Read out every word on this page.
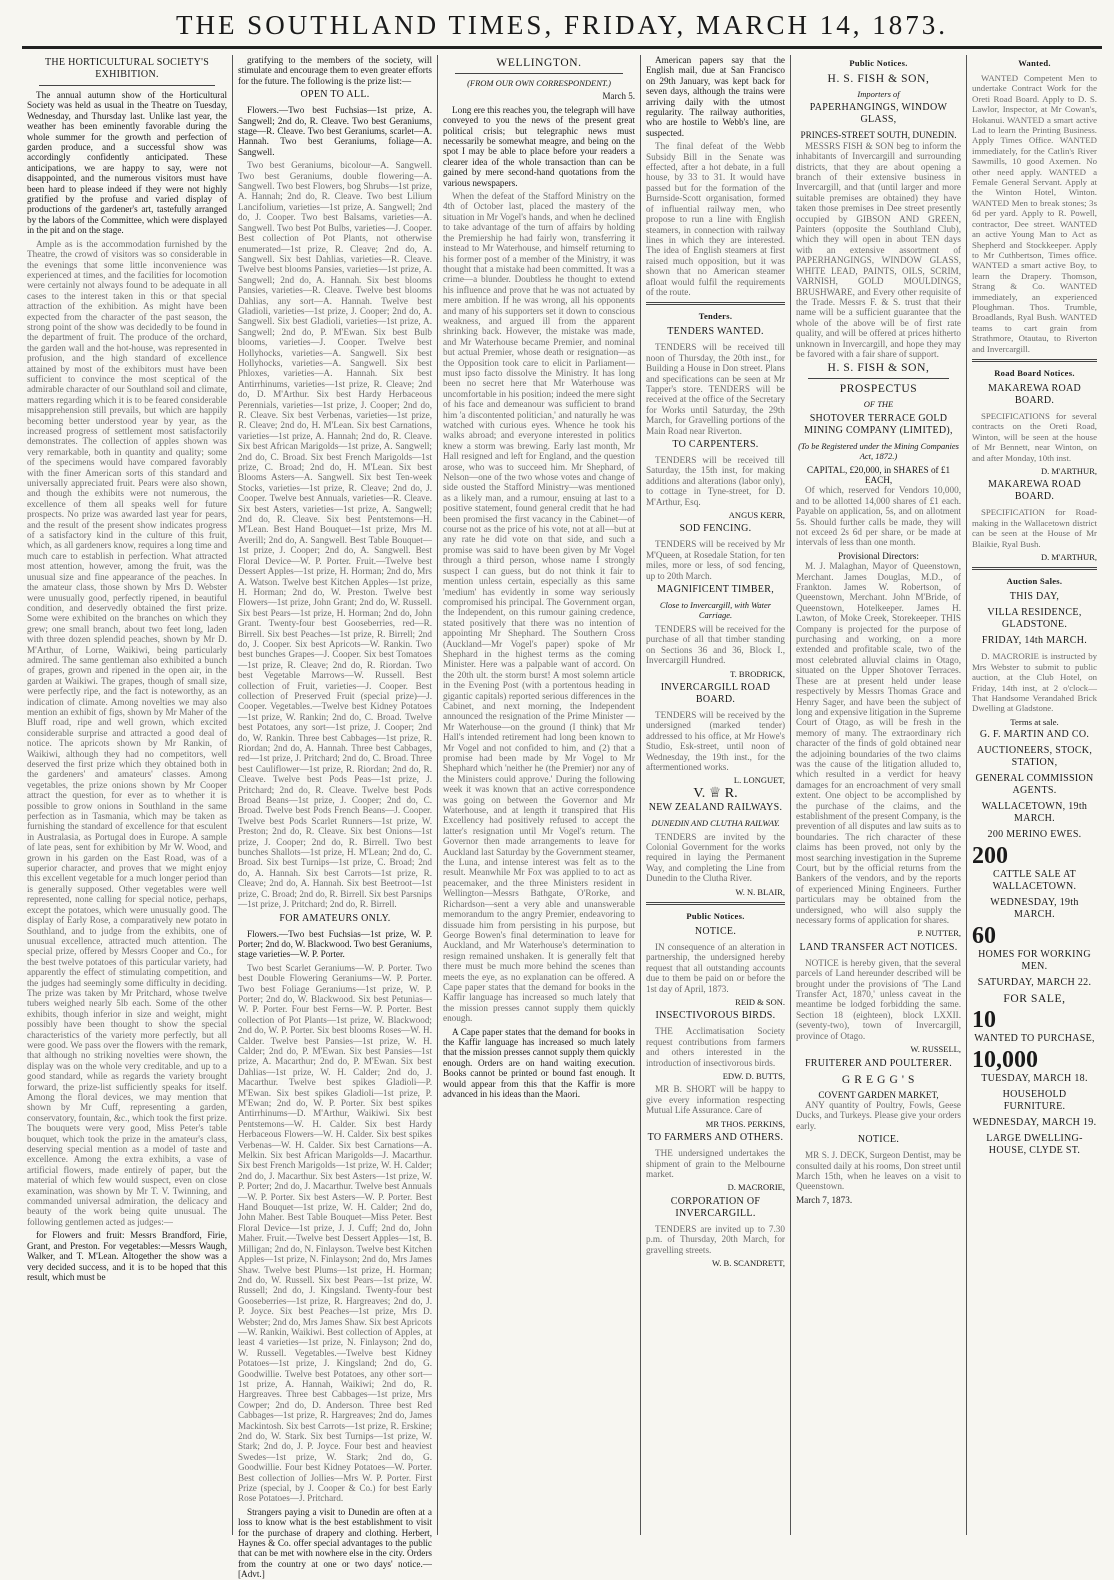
THE SOUTHLAND TIMES, FRIDAY, MARCH 14, 1873.
THE HORTICULTURAL SOCIETY'S EXHIBITION.

The annual autumn show of the Horticultural Society was held as usual in the Theatre on Tuesday, Wednesday, and Thursday last. Unlike last year, the weather has been eminently favorable during the whole summer for the growth and perfection of garden produce, and a successful show was accordingly confidently anticipated. These anticipations, we are happy to say, were not disappointed, and the numerous visitors must have been hard to please indeed if they were not highly gratified by the profuse and varied display of productions of the gardener's art, tastefully arranged by the labors of the Committee, which were displayed in the pit and on the stage.

Ample as is the accommodation furnished by the Theatre, the crowd of visitors was so considerable in the evenings that some little inconvenience was experienced at times, and the facilities for locomotion were certainly not always found to be adequate in all cases to the interest taken in this or that special attraction of the exhibition. As might have been expected from the character of the past season, the strong point of the show was decidedly to be found in the department of fruit. The produce of the orchard, the garden wall and the hot-house, was represented in profusion, and the high standard of excellence attained by most of the exhibitors must have been sufficient to convince the most sceptical of the admirable character of our Southland soil and climate, matters regarding which it is to be feared considerable misapprehension still prevails, but which are happily becoming better understood year by year, as the increased progress of settlement most satisfactorily demonstrates. The collection of apples shown was very remarkable, both in quantity and quality; some of the specimens would have compared favorably with the finer American sorts of this standard and universally appreciated fruit. Pears were also shown, and though the exhibits were not numerous, the excellence of them all speaks well for future prospects. No prize was awarded last year for pears, and the result of the present show indicates progress of a satisfactory kind in the culture of this fruit, which, as all gardeners know, requires a long time and much care to establish in perfection. What attracted most attention, however, among the fruit, was the unusual size and fine appearance of the peaches. In the amateur class, those shown by Mrs D. Webster were unusually good, perfectly ripened, in beautiful condition, and deservedly obtained the first prize. Some were exhibited on the branches on which they grew; one small branch, about two feet long, laden with three dozen splendid peaches, shown by Mr D. M'Arthur, of Lorne, Waikiwi, being particularly admired. The same gentleman also exhibited a bunch of grapes, grown and ripened in the open air, in the garden at Waikiwi. The grapes, though of small size, were perfectly ripe, and the fact is noteworthy, as an indication of climate. Among novelties we may also mention an exhibit of figs, shown by Mr Maher of the Bluff road, ripe and well grown, which excited considerable surprise and attracted a good deal of notice. The apricots shown by Mr Rankin, of Waikiwi, although they had no competitors, well deserved the first prize which they obtained both in the gardeners' and amateurs' classes. Among vegetables, the prize onions shown by Mr Cooper attract the question, for ever as to whether it is possible to grow onions in Southland in the same perfection as in Tasmania, which may be taken as furnishing the standard of excellence for that esculent in Australasia, as Portugal does in Europe. A sample of late peas, sent for exhibition by Mr W. Wood, and grown in his garden on the East Road, was of a superior character, and proves that we might enjoy this excellent vegetable for a much longer period than is generally supposed. Other vegetables were well represented, none calling for special notice, perhaps, except the potatoes, which were unusually good. The display of Early Rose, a comparatively new potato in Southland, and to judge from the exhibits, one of unusual excellence, attracted much attention. The special prize, offered by Messrs Cooper and Co., for the best twelve potatoes of this particular variety, had apparently the effect of stimulating competition, and the judges had seemingly some difficulty in deciding. The prize was taken by Mr Pritchard, whose twelve tubers weighed nearly 5lb each. Some of the other exhibits, though inferior in size and weight, might possibly have been thought to show the special characteristics of the variety more perfectly, but all were good. We pass over the flowers with the remark, that although no striking novelties were shown, the display was on the whole very creditable, and up to a good standard, while as regards the variety brought forward, the prize-list sufficiently speaks for itself. Among the floral devices, we may mention that shown by Mr Cuff, representing a garden, conservatory, fountain, &c., which took the first prize. The bouquets were very good, Miss Peter's table bouquet, which took the prize in the amateur's class, deserving special mention as a model of taste and excellence. Among the extra exhibits, a vase of artificial flowers, made entirely of paper, but the material of which few would suspect, even on close examination, was shown by Mr T. V. Twinning, and commanded universal admiration, the delicacy and beauty of the work being quite unusual. The following gentlemen acted as judges:—

for Flowers and fruit: Messrs Brandford, Firie, Grant, and Preston. For vegetables:—Messrs Waugh, Walker, and T. M'Lean. Altogether the show was a very decided success, and it is to be hoped that this result, which must be

gratifying to the members of the society, will stimulate and encourage them to even greater efforts for the future. The following is the prize list:—

OPEN TO ALL.

Flowers.—Two best Fuchsias—1st prize, A. Sangwell; 2nd do, R. Cleave. Two best Geraniums, stage—R. Cleave. Two best Geraniums, scarlet—A. Hannah. Two best Geraniums, foliage—A. Sangwell.

Two best Geraniums, bicolour—A. Sangwell. Two best Geraniums, double flowering—A. Sangwell. Two best Flowers, bog Shrubs—1st prize, A. Hannah; 2nd do, R. Cleave. Two best Lilium Lancifolium, varieties—1st prize, A. Sangwell; 2nd do, J. Cooper. Two best Balsams, varieties—A. Sangwell. Two best Pot Bulbs, varieties—J. Cooper. Best collection of Pot Plants, not otherwise enumerated—1st prize, R. Cleave; 2nd do, A. Sangwell. Six best Dahlias, varieties—R. Cleave. Twelve best blooms Pansies, varieties—1st prize, A. Sangwell; 2nd do, A. Hannah. Six best blooms Pansies, varieties—R. Cleave. Twelve best blooms Dahlias, any sort—A. Hannah. Twelve best Gladioli, varieties—1st prize, J. Cooper; 2nd do, A. Sangwell. Six best Gladioli, varieties—1st prize, A. Sangwell; 2nd do, P. M'Ewan. Six best Bulb blooms, varieties—J. Cooper. Twelve best Hollyhocks, varieties—A. Sangwell. Six best Hollyhocks, varieties—A. Sangwell. Six best Phloxes, varieties—A. Hannah. Six best Antirrhinums, varieties—1st prize, R. Cleave; 2nd do, D. M'Arthur. Six best Hardy Herbaceous Perennials, varieties—1st prize, J. Cooper; 2nd do, R. Cleave. Six best Verbenas, varieties—1st prize, R. Cleave; 2nd do, H. M'Lean. Six best Carnations, varieties—1st prize, A. Hannah; 2nd do, R. Cleave. Six best African Marigolds—1st prize, A. Sangwell; 2nd do, C. Broad. Six best French Marigolds—1st prize, C. Broad; 2nd do, H. M'Lean. Six best Blooms Asters—A. Sangwell. Six best Ten-week Stocks, varieties—1st prize, R. Cleave; 2nd do, J. Cooper. Twelve best Annuals, varieties—R. Cleave. Six best Asters, varieties—1st prize, A. Sangwell; 2nd do, R. Cleave. Six best Pentstemons—H. M'Lean. Best Hand Bouquet—1st prize, Mrs M. Averill; 2nd do, A. Sangwell. Best Table Bouquet—1st prize, J. Cooper; 2nd do, A. Sangwell. Best Floral Device—W. P. Porter. Fruit.—Twelve best Dessert Apples—1st prize, H. Horman; 2nd do, Mrs A. Watson. Twelve best Kitchen Apples—1st prize, H. Horman; 2nd do, W. Preston. Twelve best Flowers—1st prize, John Grant; 2nd do, W. Russell. Six best Pears—1st prize, H. Horman; 2nd do, John Grant. Twenty-four best Gooseberries, red—R. Birrell. Six best Peaches—1st prize, R. Birrell; 2nd do, J. Cooper. Six best Apricots—W. Rankin. Two best bunches Grapes—J. Cooper. Six best Tomatoes—1st prize, R. Cleave; 2nd do, R. Riordan. Two best Vegetable Marrows—W. Russell. Best collection of Fruit, varieties—J. Cooper. Best collection of Preserved Fruit (special prize)—J. Cooper. Vegetables.—Twelve best Kidney Potatoes—1st prize, W. Rankin; 2nd do, C. Broad. Twelve best Potatoes, any sort—1st prize, J. Cooper; 2nd do, W. Rankin. Three best Cabbages—1st prize, R. Riordan; 2nd do, A. Hannah. Three best Cabbages, red—1st prize, J. Pritchard; 2nd do, C. Broad. Three best Cauliflower—1st prize, R. Riordan; 2nd do, R. Cleave. Twelve best Pods Peas—1st prize, J. Pritchard; 2nd do, R. Cleave. Twelve best Pods Broad Beans—1st prize, J. Cooper; 2nd do, C. Broad. Twelve best Pods French Beans—J. Cooper. Twelve best Pods Scarlet Runners—1st prize, W. Preston; 2nd do, R. Cleave. Six best Onions—1st prize, J. Cooper; 2nd do, R. Birrell. Two best bunches Shallots—1st prize, H. M'Lean; 2nd do, C. Broad. Six best Turnips—1st prize, C. Broad; 2nd do, A. Hannah. Six best Carrots—1st prize, R. Cleave; 2nd do, A. Hannah. Six best Beetroot—1st prize, C. Broad; 2nd do, R. Birrell. Six best Parsnips—1st prize, J. Pritchard; 2nd do, R. Birrell.

FOR AMATEURS ONLY.

Flowers.—Two best Fuchsias—1st prize, W. P. Porter; 2nd do, W. Blackwood. Two best Geraniums, stage varieties—W. P. Porter.

Two best Scarlet Geraniums—W. P. Porter. Two best Double Flowering Geraniums—W. P. Porter. Two best Foliage Geraniums—1st prize, W. P. Porter; 2nd do, W. Blackwood. Six best Petunias—W. P. Porter. Four best Ferns—W. P. Porter. Best collection of Pot Plants—1st prize, W. Blackwood; 2nd do, W. P. Porter. Six best blooms Roses—W. H. Calder. Twelve best Pansies—1st prize, W. H. Calder; 2nd do, P. M'Ewan. Six best Pansies—1st prize, A. Macarthur; 2nd do, P. M'Ewan. Six best Dahlias—1st prize, W. H. Calder; 2nd do, J. Macarthur. Twelve best spikes Gladioli—P. M'Ewan. Six best spikes Gladioli—1st prize, P. M'Ewan; 2nd do, W. P. Porter. Six best spikes Antirrhinums—D. M'Arthur, Waikiwi. Six best Pentstemons—W. H. Calder. Six best Hardy Herbaceous Flowers—W. H. Calder. Six best spikes Verbenas—W. H. Calder. Six best Carnations—A. Melkin. Six best African Marigolds—J. Macarthur. Six best French Marigolds—1st prize, W. H. Calder; 2nd do, J. Macarthur. Six best Asters—1st prize, W. P. Porter; 2nd do, J. Macarthur. Twelve best Annuals—W. P. Porter. Six best Asters—W. P. Porter. Best Hand Bouquet—1st prize, W. H. Calder; 2nd do, John Maher. Best Table Bouquet—Miss Peter. Best Floral Device—1st prize, J. J. Cuff; 2nd do, John Maher. Fruit.—Twelve best Dessert Apples—1st, B. Milligan; 2nd do, N. Finlayson. Twelve best Kitchen Apples—1st prize, N. Finlayson; 2nd do, Mrs James Shaw. Twelve best Plums—1st prize, H. Horman; 2nd do, W. Russell. Six best Pears—1st prize, W. Russell; 2nd do, J. Kingsland. Twenty-four best Gooseberries—1st prize, R. Hargreaves; 2nd do, J. P. Joyce. Six best Peaches—1st prize, Mrs D. Webster; 2nd do, Mrs James Shaw. Six best Apricots—W. Rankin, Waikiwi. Best collection of Apples, at least 4 varieties—1st prize, N. Finlayson; 2nd do, W. Russell. Vegetables.—Twelve best Kidney Potatoes—1st prize, J. Kingsland; 2nd do, G. Goodwillie. Twelve best Potatoes, any other sort—1st prize, A. Hannah, Waikiwi; 2nd do, R. Hargreaves. Three best Cabbages—1st prize, Mrs Cowper; 2nd do, D. Anderson. Three best Red Cabbages—1st prize, R. Hargreaves; 2nd do, James Mackintosh. Six best Carrots—1st prize, R. Erskine; 2nd do, W. Stark. Six best Turnips—1st prize, W. Stark; 2nd do, J. P. Joyce. Four best and heaviest Swedes—1st prize, W. Stark; 2nd do, G. Goodwillie. Four best Kidney Potatoes—W. Porter. Best collection of Jollies—Mrs W. P. Porter. First Prize (special, by J. Cooper & Co.) for best Early Rose Potatoes—J. Pritchard.

Strangers paying a visit to Dunedin are often at a loss to know what is the best establishment to visit for the purchase of drapery and clothing. Herbert, Haynes & Co. offer special advantages to the public that can be met with nowhere else in the city. Orders from the country at one or two days' notice.—[Advt.]

WELLINGTON.
(FROM OUR OWN CORRESPONDENT.)
March 5.

Long ere this reaches you, the telegraph will have conveyed to you the news of the present great political crisis; but telegraphic news must necessarily be somewhat meagre, and being on the spot I may be able to place before your readers a clearer idea of the whole transaction than can be gained by mere second-hand quotations from the various newspapers.

When the defeat of the Stafford Ministry on the 4th of October last, placed the mastery of the situation in Mr Vogel's hands, and when he declined to take advantage of the turn of affairs by holding the Premiership he had fairly won, transferring it instead to Mr Waterhouse, and himself returning to his former post of a member of the Ministry, it was thought that a mistake had been committed. It was a crime—a blunder. Doubtless he thought to extend his influence and prove that he was not actuated by mere ambition. If he was wrong, all his opponents and many of his supporters set it down to conscious weakness, and argued ill from the apparent shrinking back. However, the mistake was made, and Mr Waterhouse became Premier, and nominal but actual Premier, whose death or resignation—as the Opposition took care to elicit in Parliament—must ipso facto dissolve the Ministry. It has long been no secret here that Mr Waterhouse was uncomfortable in his position; indeed the mere sight of his face and demeanour was sufficient to brand him 'a discontented politician,' and naturally he was watched with curious eyes. Whence he took his walks abroad; and everyone interested in politics knew a storm was brewing. Early last month, Mr Hall resigned and left for England, and the question arose, who was to succeed him. Mr Shephard, of Nelson—one of the two whose votes and change of side ousted the Stafford Ministry—was mentioned as a likely man, and a rumour, ensuing at last to a positive statement, found general credit that he had been promised the first vacancy in the Cabinet—of course not as the price of his vote, not at all—but at any rate he did vote on that side, and such a promise was said to have been given by Mr Vogel through a third person, whose name I strongly suspect I can guess, but do not think it fair to mention unless certain, especially as this same 'medium' has evidently in some way seriously compromised his principal. The Government organ, the Independent, on this rumour gaining credence, stated positively that there was no intention of appointing Mr Shephard. The Southern Cross (Auckland—Mr Vogel's paper) spoke of Mr Shephard in the highest terms as the coming Minister. Here was a palpable want of accord. On the 20th ult. the storm burst! A most solemn article in the Evening Post (with a portentous heading in gigantic capitals) reported serious differences in the Cabinet, and next morning, the Independent announced the resignation of the Prime Minister —Mr Waterhouse—on the ground (I think) that Mr Hall's intended retirement had long been known to Mr Vogel and not confided to him, and (2) that a promise had been made by Mr Vogel to Mr Shephard which 'neither he (the Premier) nor any of the Ministers could approve.' During the following week it was known that an active correspondence was going on between the Governor and Mr Waterhouse, and at length it transpired that His Excellency had positively refused to accept the latter's resignation until Mr Vogel's return. The Governor then made arrangements to leave for Auckland last Saturday by the Government steamer, the Luna, and intense interest was felt as to the result. Meanwhile Mr Fox was applied to to act as peacemaker, and the three Ministers resident in Wellington—Messrs Bathgate, O'Rorke, and Richardson—sent a very able and unanswerable memorandum to the angry Premier, endeavoring to dissuade him from persisting in his purpose, but George Bowen's final determination to leave for Auckland, and Mr Waterhouse's determination to resign remained unshaken. It is generally felt that there must be much more behind the scenes than meets the eye, as no explanation can be offered. A Cape paper states that the demand for books in the Kaffir language has increased so much lately that the mission presses cannot supply them quickly enough.

A Cape paper states that the demand for books in the Kaffir language has increased so much lately that the mission presses cannot supply them quickly enough. Orders are on hand waiting execution. Books cannot be printed or bound fast enough. It would appear from this that the Kaffir is more advanced in his ideas than the Maori.

American papers say that the English mail, due at San Francisco on 29th January, was kept back for seven days, although the trains were arriving daily with the utmost regularity. The railway authorities, who are hostile to Webb's line, are suspected.

The final defeat of the Webb Subsidy Bill in the Senate was effected, after a hot debate, in a full house, by 33 to 31. It would have passed but for the formation of the Burnside-Scott organisation, formed of influential railway men, who propose to run a line with English steamers, in connection with railway lines in which they are interested. The idea of English steamers at first raised much opposition, but it was shown that no American steamer afloat would fulfil the requirements of the route.

Tenders.
TENDERS WANTED.

TENDERS will be received till noon of Thursday, the 20th inst., for Building a House in Don street. Plans and specifications can be seen at Mr Tapper's store. TENDERS will be received at the office of the Secretary for Works until Saturday, the 29th March, for Gravelling portions of the Main Road near Riverton.

TO CARPENTERS.

TENDERS will be received till Saturday, the 15th inst, for making additions and alterations (labor only), to cottage in Tyne-street, for D. M'Arthur, Esq.

ANGUS KERR,
SOD FENCING.

TENDERS will be received by Mr M'Queen, at Rosedale Station, for ten miles, more or less, of sod fencing, up to 20th March.

MAGNIFICENT TIMBER,
Close to Invercargill, with Water Carriage.

TENDERS will be received for the purchase of all that timber standing on Sections 36 and 36, Block I., Invercargill Hundred.

T. BRODRICK,
INVERCARGILL ROAD BOARD.

TENDERS will be received by the undersigned (marked tender) addressed to his office, at Mr Howe's Studio, Esk-street, until noon of Wednesday, the 19th inst., for the aftermentioned works.

L. LONGUET,
V. ♕ R.
NEW ZEALAND RAILWAYS.
DUNEDIN AND CLUTHA RAILWAY.

TENDERS are invited by the Colonial Government for the works required in laying the Permanent Way, and completing the Line from Dunedin to the Clutha River.

W. N. BLAIR,
Public Notices.
NOTICE.

IN consequence of an alteration in partnership, the undersigned hereby request that all outstanding accounts due to them be paid on or before the 1st day of April, 1873.

REID & SON.
INSECTIVOROUS BIRDS.

THE Acclimatisation Society request contributions from farmers and others interested in the introduction of insectivorous birds.

EDW. D. BUTTS,

MR B. SHORT will be happy to give every information respecting Mutual Life Assurance. Care of

MR THOS. PERKINS,
TO FARMERS AND OTHERS.

THE undersigned undertakes the shipment of grain to the Melbourne market.

D. MACRORIE,
CORPORATION OF INVERCARGILL.

TENDERS are invited up to 7.30 p.m. of Thursday, 20th March, for gravelling streets.

W. B. SCANDRETT,
Public Notices.
H. S. FISH & SON,
Importers of
PAPERHANGINGS, WINDOW GLASS,
PRINCES-STREET SOUTH, DUNEDIN.

MESSRS FISH & SON beg to inform the inhabitants of Invercargill and surrounding districts, that they are about opening a branch of their extensive business in Invercargill, and that (until larger and more suitable premises are obtained) they have taken those premises in Dee street presently occupied by GIBSON AND GREEN, Painters (opposite the Southland Club), which they will open in about TEN days with an extensive assortment of PAPERHANGINGS, WINDOW GLASS, WHITE LEAD, PAINTS, OILS, SCRIM, VARNISH, GOLD MOULDINGS, BRUSHWARE, and Every other requisite of the Trade. Messrs F. & S. trust that their name will be a sufficient guarantee that the whole of the above will be of first rate quality, and will be offered at prices hitherto unknown in Invercargill, and hope they may be favored with a fair share of support.

H. S. FISH & SON,
PROSPECTUS
OF THE
SHOTOVER TERRACE GOLD MINING COMPANY (LIMITED),
(To be Registered under the Mining Companies Act, 1872.)
CAPITAL, £20,000, in SHARES of £1 EACH,

Of which, reserved for Vendors 10,000, and to be allotted 14,000 shares of £1 each. Payable on application, 5s, and on allotment 5s. Should further calls be made, they will not exceed 2s 6d per share, or be made at intervals of less than one month.

Provisional Directors:

M. J. Malaghan, Mayor of Queenstown, Merchant. James Douglas, M.D., of Frankton. James W. Robertson, of Queenstown, Merchant. John M'Bride, of Queenstown, Hotelkeeper. James H. Lawton, of Moke Creek, Storekeeper. THIS Company is projected for the purpose of purchasing and working, on a more extended and profitable scale, two of the most celebrated alluvial claims in Otago, situated on the Upper Shotover Terraces. These are at present held under lease respectively by Messrs Thomas Grace and Henry Sager, and have been the subject of long and expensive litigation in the Supreme Court of Otago, as will be fresh in the memory of many. The extraordinary rich character of the finds of gold obtained near the adjoining boundaries of the two claims was the cause of the litigation alluded to, which resulted in a verdict for heavy damages for an encroachment of very small extent. One object to be accomplished by the purchase of the claims, and the establishment of the present Company, is the prevention of all disputes and law suits as to boundaries. The rich character of these claims has been proved, not only by the most searching investigation in the Supreme Court, but by the official returns from the Bankers of the vendors, and by the reports of experienced Mining Engineers. Further particulars may be obtained from the undersigned, who will also supply the necessary forms of application for shares.

P. NUTTER,
LAND TRANSFER ACT NOTICES.

NOTICE is hereby given, that the several parcels of Land hereunder described will be brought under the provisions of 'The Land Transfer Act, 1870,' unless caveat in the meantime be lodged forbidding the same. Section 18 (eighteen), block LXXII. (seventy-two), town of Invercargill, province of Otago.

W. RUSSELL,
FRUITERER AND POULTERER.
G R E G G ' S
COVENT GARDEN MARKET,

ANY quantity of Poultry, Fowls, Geese Ducks, and Turkeys. Please give your orders early.

NOTICE.

MR S. J. DECK, Surgeon Dentist, may be consulted daily at his rooms, Don street until March 15th, when he leaves on a visit to Queenstown.

March 7, 1873.
Wanted.

WANTED Competent Men to undertake Contract Work for the Oreti Road Board. Apply to D. S. Lawlor, Inspector, at Mr Cowan's, Hokanui. WANTED a smart active Lad to learn the Printing Business. Apply Times Office. WANTED immediately, for the Catlin's River Sawmills, 10 good Axemen. No other need apply. WANTED a Female General Servant. Apply at the Winton Hotel, Winton. WANTED Men to break stones; 3s 6d per yard. Apply to R. Powell, contractor, Dee street. WANTED an active Young Man to Act as Shepherd and Stockkeeper. Apply to Mr Cuthbertson, Times office. WANTED a smart active Boy, to learn the Drapery. Thomson, Strang & Co. WANTED immediately, an experienced Ploughman. Thos. Trumble, Broadlands, Ryal Bush. WANTED teams to cart grain from Strathmore, Otautau, to Riverton and Invercargill.

Road Board Notices.
MAKAREWA ROAD BOARD.

SPECIFICATIONS for several contracts on the Oreti Road, Winton, will be seen at the house of Mr Bennett, near Winton, on and after Monday, 10th inst.

D. M'ARTHUR,
MAKAREWA ROAD BOARD.

SPECIFICATION for Road-making in the Wallacetown district can be seen at the House of Mr Blaikie, Ryal Bush.

D. M'ARTHUR,
Auction Sales.
THIS DAY,
VILLA RESIDENCE, GLADSTONE.
FRIDAY, 14th MARCH.

D. MACRORIE is instructed by Mrs Webster to submit to public auction, at the Club Hotel, on Friday, 14th inst, at 2 o'clock—That Handsome Verandahed Brick Dwelling at Gladstone.

Terms at sale.
G. F. MARTIN AND CO.
AUCTIONEERS, STOCK, STATION,
GENERAL COMMISSION AGENTS.
WALLACETOWN, 19th MARCH.
200 MERINO EWES.
200
CATTLE SALE AT WALLACETOWN.
WEDNESDAY, 19th MARCH.
60
HOMES FOR WORKING MEN.
SATURDAY, MARCH 22.
FOR SALE,
10
WANTED TO PURCHASE,
10,000
TUESDAY, MARCH 18.
HOUSEHOLD FURNITURE.
WEDNESDAY, MARCH 19.
LARGE DWELLING-HOUSE, CLYDE ST.
